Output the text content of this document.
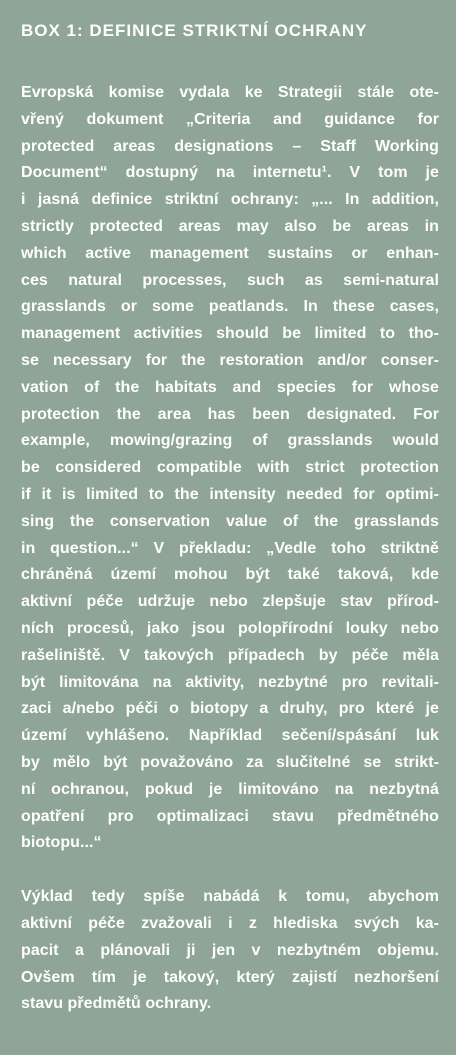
BOX 1: DEFINICE STRIKTNÍ OCHRANY

Evropská komise vydala ke Strategii stále ote-
vřený dokument „Criteria and guidance for
protected areas designations – Staff Working
Document“ dostupný na internetu¹. V tom je
i jasná definice striktní ochrany: „... In addition,
strictly protected areas may also be areas in
which active management sustains or enhan-
ces natural processes, such as semi-natural
grasslands or some peatlands. In these cases,
management activities should be limited to tho-
se necessary for the restoration and/or conser-
vation of the habitats and species for whose
protection the area has been designated. For
example, mowing/grazing of grasslands would
be considered compatible with strict protection
if it is limited to the intensity needed for optimi-
sing the conservation value of the grasslands
in question...“ V překladu: „Vedle toho striktně
chráněná území mohou být také taková, kde
aktivní péče udržuje nebo zlepšuje stav přírod-
ních procesů, jako jsou polopřírodní louky nebo
rašeliniště. V takových případech by péče měla
být limitována na aktivity, nezbytné pro revitali-
zaci a/nebo péči o biotopy a druhy, pro které je
území vyhlášeno. Například sečení/spásání luk
by mělo být považováno za slučitelné se strikt-
ní ochranou, pokud je limitováno na nezbytná
opatření pro optimalizaci stavu předmětného
biotopu...“

Výklad tedy spíše nabádá k tomu, abychom
aktivní péče zvažovali i z hlediska svých ka-
pacit a plánovali ji jen v nezbytném objemu.
Ovšem tím je takový, který zajistí nezhoršení
stavu předmětů ochrany.
